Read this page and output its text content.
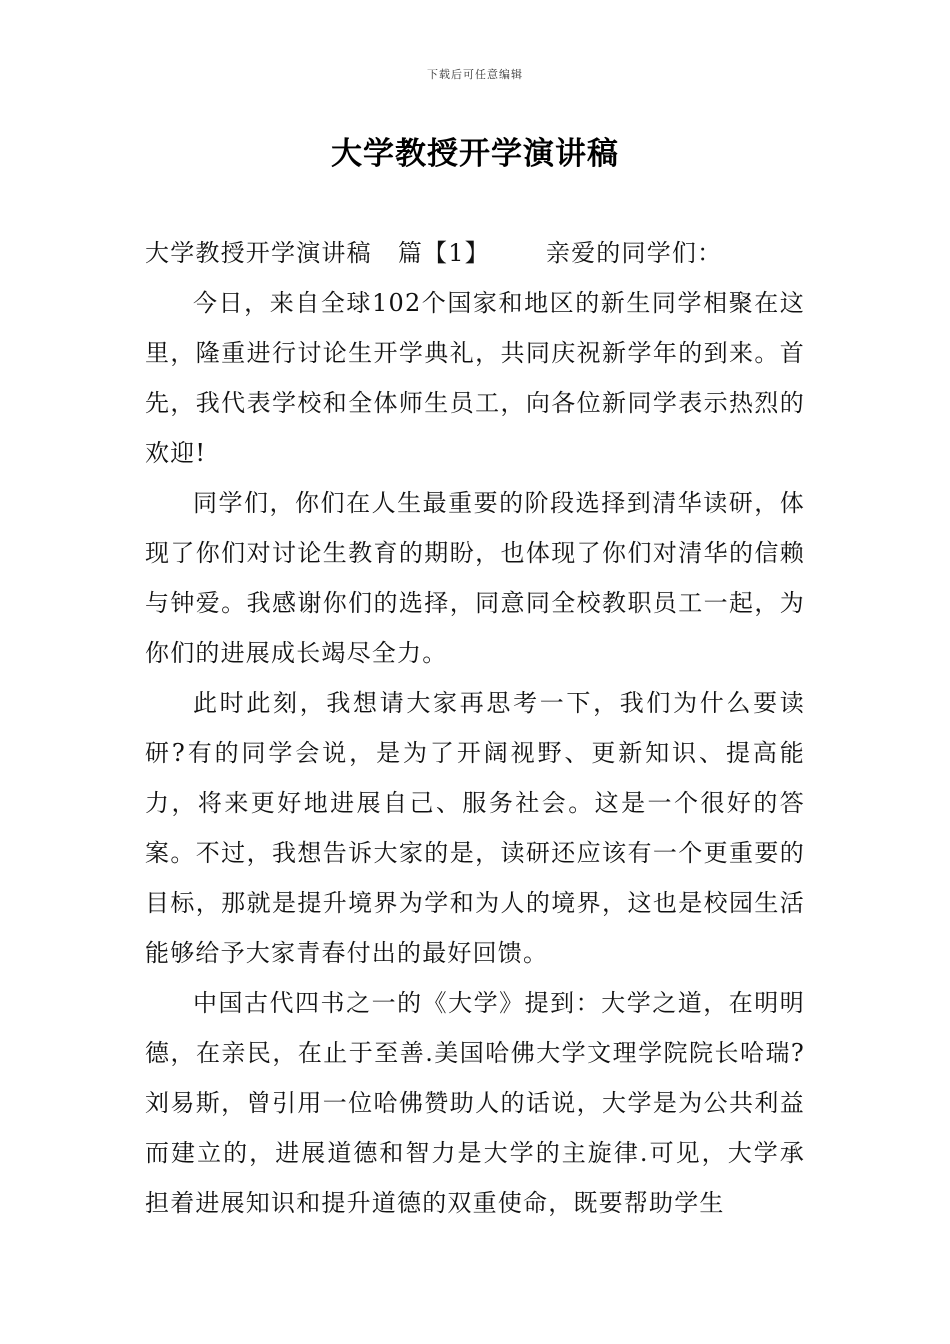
下载后可任意编辑
大学教授开学演讲稿

大学教授开学演讲稿 篇【1】 亲爱的同学们：

今日，来自全球102个国家和地区的新生同学相聚在这里，隆重进行讨论生开学典礼，共同庆祝新学年的到来。首先，我代表学校和全体师生员工，向各位新同学表示热烈的欢迎!

同学们，你们在人生最重要的阶段选择到清华读研，体现了你们对讨论生教育的期盼，也体现了你们对清华的信赖与钟爱。我感谢你们的选择，同意同全校教职员工一起，为你们的进展成长竭尽全力。

此时此刻，我想请大家再思考一下，我们为什么要读研?有的同学会说，是为了开阔视野、更新知识、提高能力，将来更好地进展自己、服务社会。这是一个很好的答案。不过，我想告诉大家的是，读研还应该有一个更重要的目标，那就是提升境界为学和为人的境界，这也是校园生活能够给予大家青春付出的最好回馈。

中国古代四书之一的《大学》提到：大学之道，在明明德，在亲民，在止于至善.美国哈佛大学文理学院院长哈瑞?刘易斯，曾引用一位哈佛赞助人的话说，大学是为公共利益而建立的，进展道德和智力是大学的主旋律.可见，大学承担着进展知识和提升道德的双重使命，既要帮助学生
